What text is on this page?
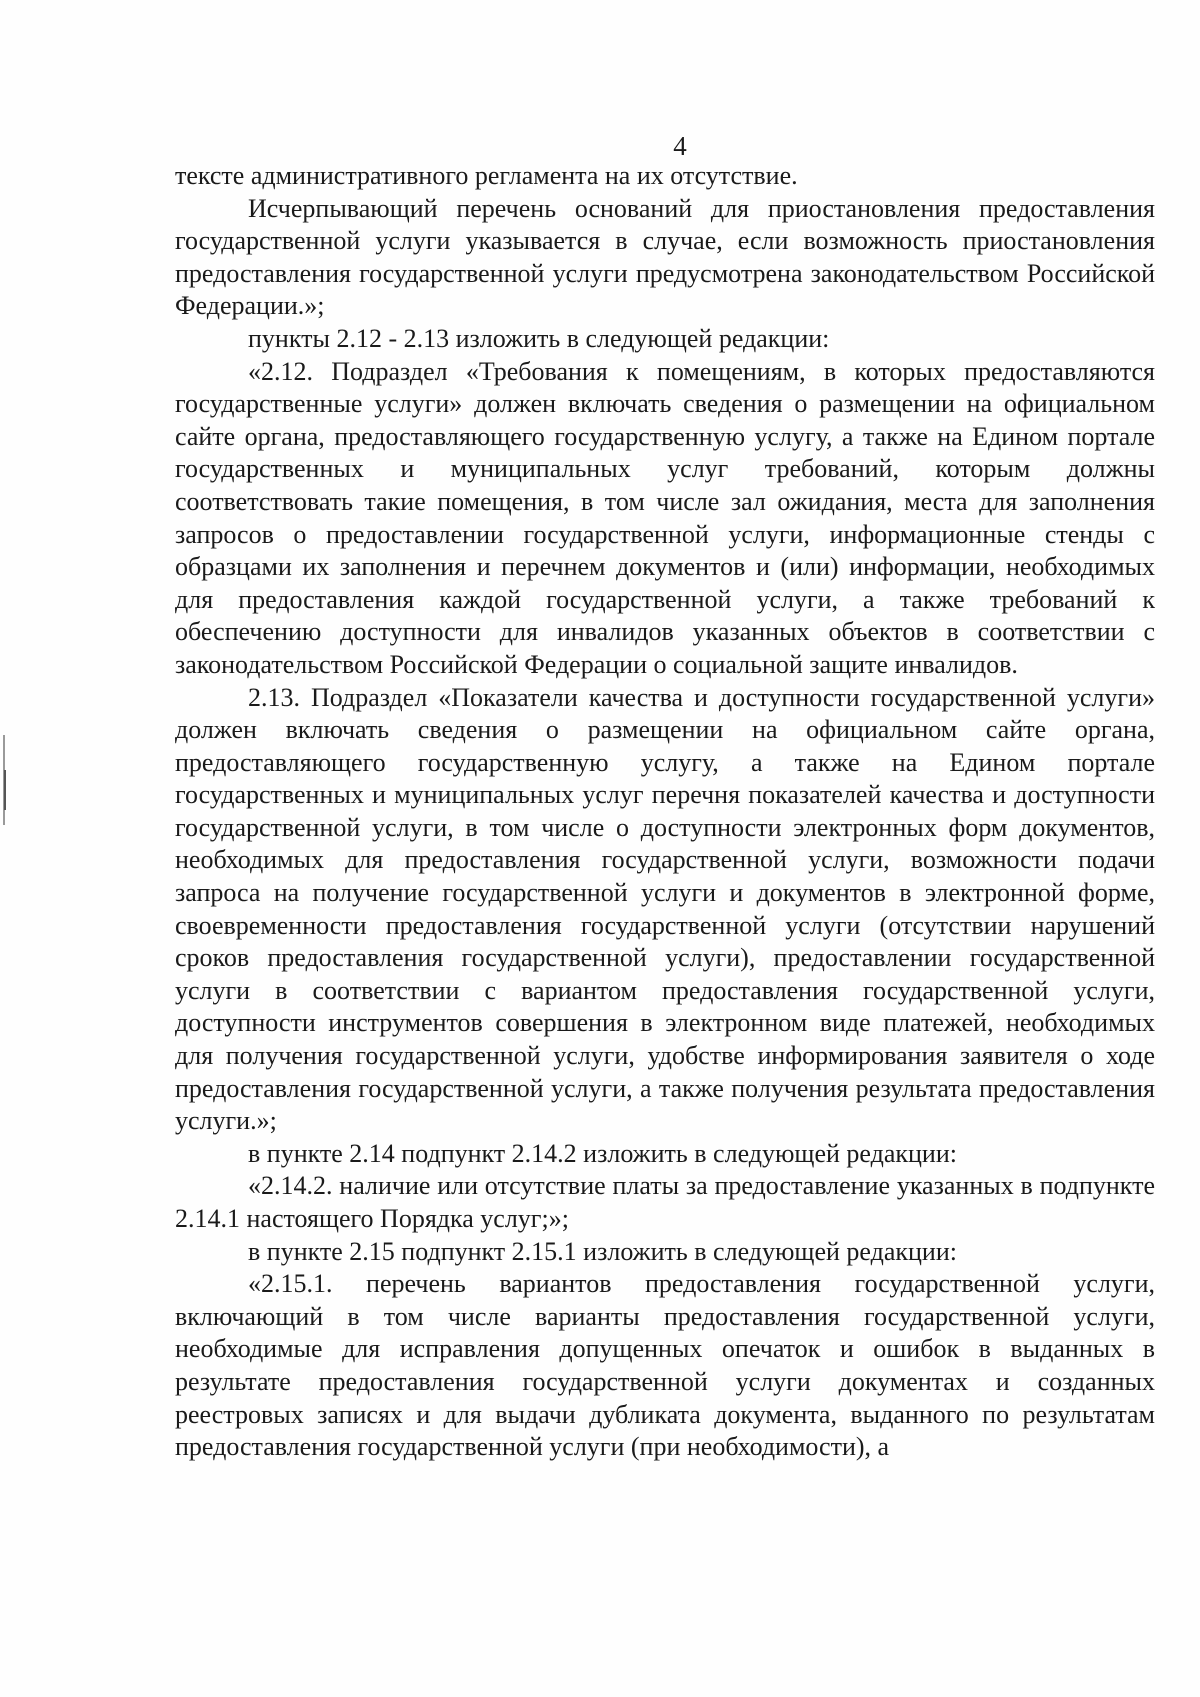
4

тексте административного регламента на их отсутствие.

Исчерпывающий перечень оснований для приостановления предоставления государственной услуги указывается в случае, если возможность приостановления предоставления государственной услуги предусмотрена законодательством Российской Федерации.»;

пункты 2.12 - 2.13 изложить в следующей редакции:

«2.12. Подраздел «Требования к помещениям, в которых предоставляются государственные услуги» должен включать сведения о размещении на официальном сайте органа, предоставляющего государственную услугу, а также на Едином портале государственных и муниципальных услуг требований, которым должны соответствовать такие помещения, в том числе зал ожидания, места для заполнения запросов о предоставлении государственной услуги, информационные стенды с образцами их заполнения и перечнем документов и (или) информации, необходимых для предоставления каждой государственной услуги, а также требований к обеспечению доступности для инвалидов указанных объектов в соответствии с законодательством Российской Федерации о социальной защите инвалидов.

2.13. Подраздел «Показатели качества и доступности государственной услуги» должен включать сведения о размещении на официальном сайте органа, предоставляющего государственную услугу, а также на Едином портале государственных и муниципальных услуг перечня показателей качества и доступности государственной услуги, в том числе о доступности электронных форм документов, необходимых для предоставления государственной услуги, возможности подачи запроса на получение государственной услуги и документов в электронной форме, своевременности предоставления государственной услуги (отсутствии нарушений сроков предоставления государственной услуги), предоставлении государственной услуги в соответствии с вариантом предоставления государственной услуги, доступности инструментов совершения в электронном виде платежей, необходимых для получения государственной услуги, удобстве информирования заявителя о ходе предоставления государственной услуги, а также получения результата предоставления услуги.»;

в пункте 2.14 подпункт 2.14.2 изложить в следующей редакции:

«2.14.2. наличие или отсутствие платы за предоставление указанных в подпункте 2.14.1 настоящего Порядка услуг;»;

в пункте 2.15 подпункт 2.15.1 изложить в следующей редакции:

«2.15.1. перечень вариантов предоставления государственной услуги, включающий в том числе варианты предоставления государственной услуги, необходимые для исправления допущенных опечаток и ошибок в выданных в результате предоставления государственной услуги документах и созданных реестровых записях и для выдачи дубликата документа, выданного по результатам предоставления государственной услуги (при необходимости), а
